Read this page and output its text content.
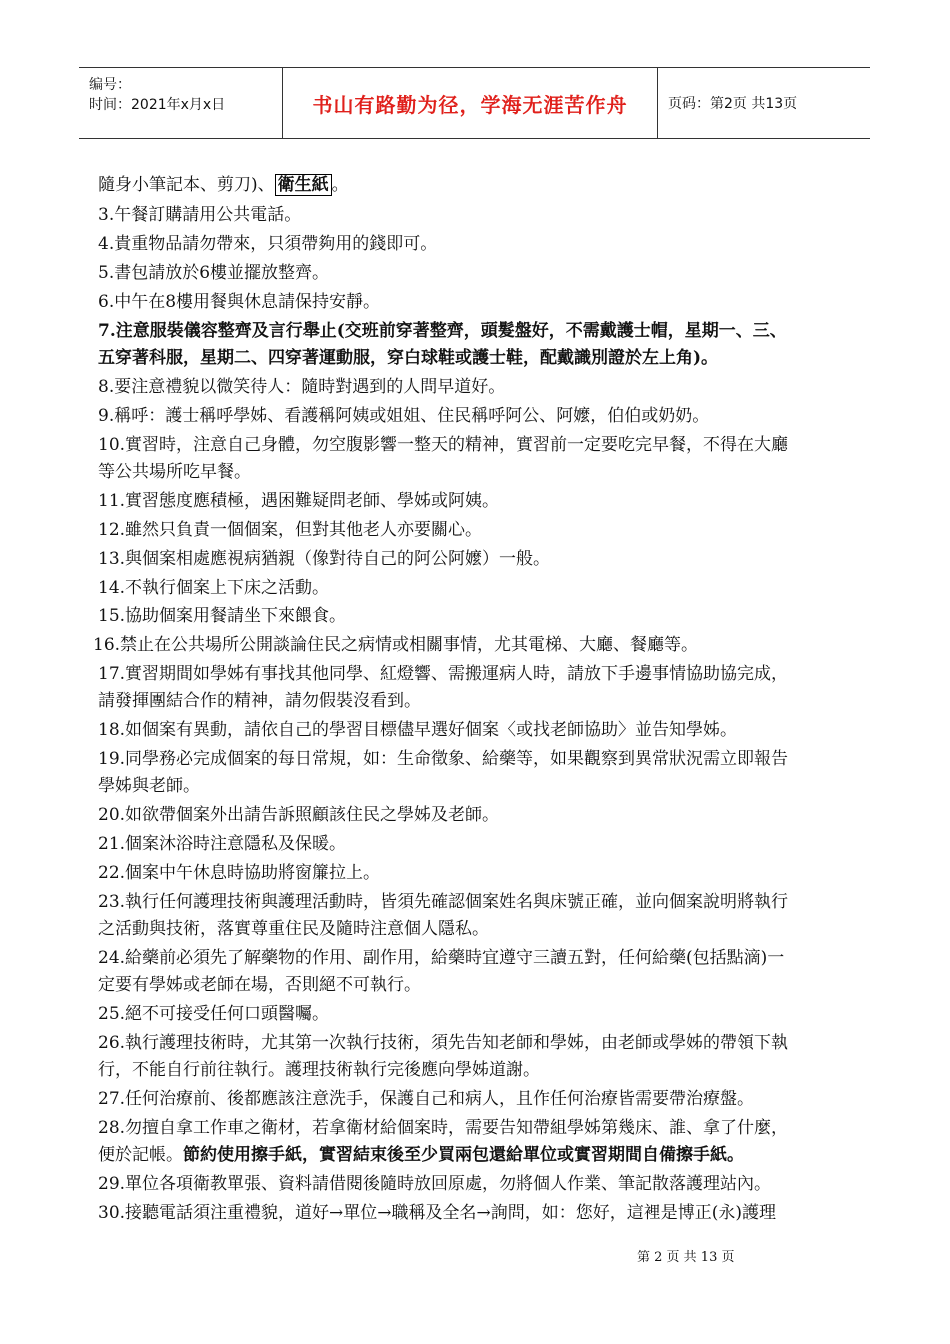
编号：
时间：2021年x月x日	书山有路勤为径，学海无涯苦作舟	页码：第2页 共13页
隨身小筆記本、剪刀)、 衛生紙 。
3.午餐訂購請用公共電話。
4.貴重物品請勿帶來，只須帶夠用的錢即可。
5.書包請放於6樓並擺放整齊。
6.中午在8樓用餐與休息請保持安靜。
7.注意服裝儀容整齊及言行舉止(交班前穿著整齊，頭髮盤好，不需戴護士帽，星期一、三、
五穿著科服，星期二、四穿著運動服，穿白球鞋或護士鞋，配戴識別證於左上角)。
8.要注意禮貌以微笑待人：隨時對遇到的人問早道好。
9.稱呼：護士稱呼學姊、看護稱阿姨或姐姐、住民稱呼阿公、阿嬤，伯伯或奶奶。
10.實習時，注意自己身體，勿空腹影響一整天的精神，實習前一定要吃完早餐，不得在大廳
等公共場所吃早餐。
11.實習態度應積極，遇困難疑問老師、學姊或阿姨。
12.雖然只負責一個個案，但對其他老人亦要關心。
13.與個案相處應視病猶親（像對待自己的阿公阿嬤）一般。
14.不執行個案上下床之活動。
15.協助個案用餐請坐下來餵食。
16.禁止在公共場所公開談論住民之病情或相關事情，尤其電梯、大廳、餐廳等。
17.實習期間如學姊有事找其他同學、紅燈響、需搬運病人時，請放下手邊事情協助協完成，
請發揮團結合作的精神，請勿假裝沒看到。
18.如個案有異動，請依自己的學習目標儘早選好個案〈或找老師協助〉並告知學姊。
19.同學務必完成個案的每日常規，如：生命徵象、給藥等，如果觀察到異常狀況需立即報告
學姊與老師。
20.如欲帶個案外出請告訴照顧該住民之學姊及老師。
21.個案沐浴時注意隱私及保暖。
22.個案中午休息時協助將窗簾拉上。
23.執行任何護理技術與護理活動時，皆須先確認個案姓名與床號正確，並向個案說明將執行
之活動與技術，落實尊重住民及隨時注意個人隱私。
24.給藥前必須先了解藥物的作用、副作用，給藥時宜遵守三讀五對，任何給藥(包括點滴)一
定要有學姊或老師在場，否則絕不可執行。
25.絕不可接受任何口頭醫囑。
26.執行護理技術時，尤其第一次執行技術，須先告知老師和學姊，由老師或學姊的帶領下執
行，不能自行前往執行。護理技術執行完後應向學姊道謝。
27.任何治療前、後都應該注意洗手，保護自己和病人，且作任何治療皆需要帶治療盤。
28.勿擅自拿工作車之衛材，若拿衛材給個案時，需要告知帶組學姊第幾床、誰、拿了什麼，
便於記帳。節約使用擦手紙，實習結束後至少買兩包還給單位或實習期間自備擦手紙。
29.單位各項衛教單張、資料請借閱後隨時放回原處，勿將個人作業、筆記散落護理站內。
30.接聽電話須注重禮貌，道好→單位→職稱及全名→詢問，如：您好，這裡是博正(永)護理
第 2 页 共 13 页
